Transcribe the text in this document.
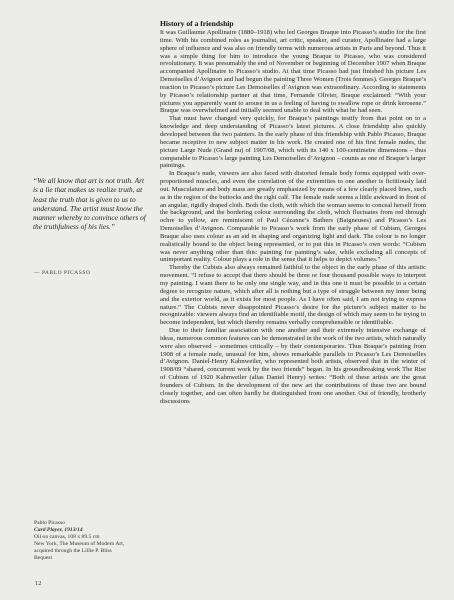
“We all know that art is not truth. Art is a lie that makes us realize truth, at least the truth that is given to us to understand. The artist must know the manner whereby to convince others of the truthfulness of his lies.”

— PABLO PICASSO
Pablo Picasso
Card Player, 1913/14
Oil on canvas, 108 x 89.5 cm
New York, The Museum of Modern Art,
acquired through the Lillie P. Bliss
Bequest
12
History of a friendship

It was Guillaume Apollinaire (1880–1918) who led Georges Braque into Picasso’s studio for the first time. With his combined roles as journalist, art critic, speaker, and curator, Apollinaire had a large sphere of influence and was also on friendly terms with numerous artists in Paris and beyond. Thus it was a simple thing for him to introduce the young Braque to Picasso, who was considered revolutionary. It was presumably the end of November or beginning of December 1907 when Braque accompanied Apollinaire to Picasso’s studio. At that time Picasso had just finished his picture Les Demoiselles d’Avignon and had begun the painting Three Women (Trois femmes). Georges Braque’s reaction to Picasso’s picture Les Demoiselles d’Avignon was extraordinary. According to statements by Picasso’s relationship partner at that time, Fernande Olivier, Braque exclaimed: “With your pictures you apparently want to arouse in us a feeling of having to swallow rope or drink kerosene.” Braque was overwhelmed and initially seemed unable to deal with what he had seen.

That must have changed very quickly, for Braque’s paintings testify from that point on to a knowledge and deep understanding of Picasso’s latest pictures. A close friendship also quickly developed between the two painters. In the early phase of this friendship with Pablo Picasso, Braque became receptive to new subject matter in his work. He created one of his first female nudes, the picture Large Nude (Grand nu) of 1907/08, which with its 140 x 100-centimetre dimensions – thus comparable to Picasso’s large painting Les Demoiselles d’Avignon – counts as one of Braque’s larger paintings.

In Braque’s nude, viewers are also faced with distorted female body forms equipped with over-proportioned muscles, and even the correlation of the extremities to one another is fictitiously laid out. Musculature and body mass are greatly emphasized by means of a few clearly placed lines, such as in the region of the buttocks and the right calf. The female nude seems a little awkward in front of an angular, rigidly draped cloth. Both the cloth, with which the woman seems to conceal herself from the background, and the bordering colour surrounding the cloth, which fluctuates from red through ochre to yellow, are reminiscent of Paul Cézanne’s Bathers (Baigneuses) and Picasso’s Les Demoiselles d’Avignon. Comparable to Picasso’s work from the early phase of Cubism, Georges Braque also uses colour as an aid in shaping and organizing light and dark. The colour is no longer realistically bound to the object being represented, or to put this in Picasso’s own words: “Cubism was never anything other than this: painting for painting’s sake, while excluding all concepts of unimportant reality. Colour plays a role in the sense that it helps to depict volumes.”

Thereby the Cubists also always remained faithful to the object in the early phase of this artistic movement. “I refuse to accept that there should be three or four thousand possible ways to interpret my painting. I want there to be only one single way, and in this one it must be possible to a certain degree to recognize nature, which after all is nothing but a type of struggle between my inner being and the exterior world, as it exists for most people. As I have often said, I am not trying to express nature.” The Cubists never disappointed Picasso’s desire for the picture’s subject matter to be recognizable: viewers always find an identifiable motif, the design of which may seem to be trying to become independent, but which thereby remains verbally comprehensible or identifiable.

Due to their familiar association with one another and their extremely intensive exchange of ideas, numerous common features can be demonstrated in the work of the two artists, which naturally were also observed – sometimes critically – by their contemporaries. Thus Braque’s painting from 1908 of a female nude, unusual for him, shows remarkable parallels to Picasso’s Les Demoiselles d’Avignon. Daniel-Henry Kahnweiler, who represented both artists, observed that in the winter of 1908/09 “shared, concurrent work by the two friends” began. In his groundbreaking work The Rise of Cubism of 1920 Kahnweiler (alias Daniel Henry) writes: “Both of these artists are the great founders of Cubism. In the development of the new art the contributions of these two are bound closely together, and can often hardly be distinguished from one another. Out of friendly, brotherly discussions
